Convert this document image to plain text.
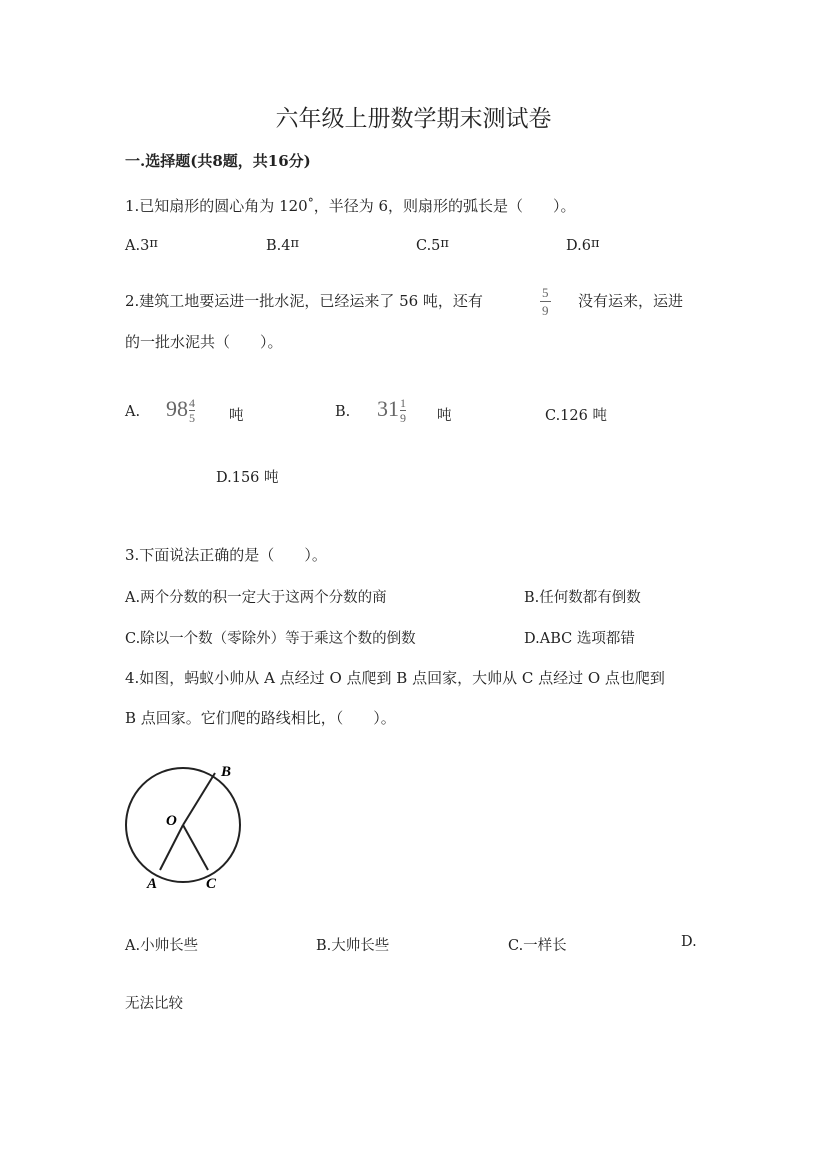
六年级上册数学期末测试卷
一.选择题(共8题，共16分)
1.已知扇形的圆心角为 120°，半径为 6，则扇形的弧长是（　　）。
A.3π	B.4π	C.5π	D.6π
2.建筑工地要运进一批水泥，已经运来了 56 吨，还有	$\frac{5}{9}$ 没有运来，运进
的一批水泥共（　　）。
A. $98 \frac{4}{5}$ 吨	B. $31 \frac{1}{9}$ 吨	C.126 吨
D.156 吨
3.下面说法正确的是（　　）。
A.两个分数的积一定大于这两个分数的商	B.任何数都有倒数
C.除以一个数（零除外）等于乘这个数的倒数	D.ABC 选项都错
4.如图，蚂蚁小帅从 A 点经过 O 点爬到 B 点回家，大帅从 C 点经过 O 点也爬到
B 点回家。它们爬的路线相比，（　　）。
O
B
A	C
A.小帅长些	B.大帅长些	C.一样长	D.
无法比较
